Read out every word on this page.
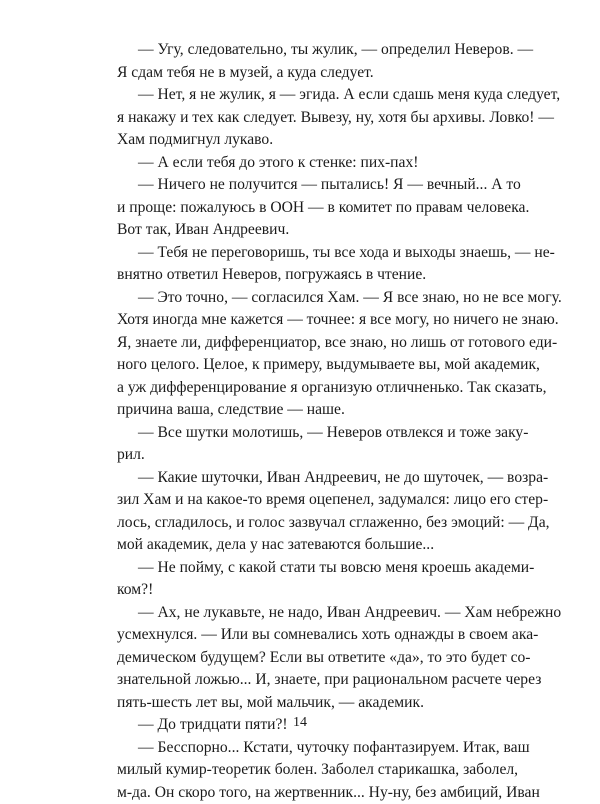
— Угу, следовательно, ты жулик, — определил Неверов. —
Я сдам тебя не в музей, а куда следует.
— Нет, я не жулик, я — эгида. А если сдашь меня куда следует,
я накажу и тех как следует. Вывезу, ну, хотя бы архивы. Ловко! —
Хам подмигнул лукаво.
— А если тебя до этого к стенке: пих-пах!
— Ничего не получится — пытались! Я — вечный... А то
и проще: пожалуюсь в ООН — в комитет по правам человека.
Вот так, Иван Андреевич.
— Тебя не переговоришь, ты все хода и выходы знаешь, — не-
внятно ответил Неверов, погружаясь в чтение.
— Это точно, — согласился Хам. — Я все знаю, но не все могу.
Хотя иногда мне кажется — точнее: я все могу, но ничего не знаю.
Я, знаете ли, дифференциатор, все знаю, но лишь от готового еди-
ного целого. Целое, к примеру, выдумываете вы, мой академик,
а уж дифференцирование я организую отличненько. Так сказать,
причина ваша, следствие — наше.
— Все шутки молотишь, — Неверов отвлекся и тоже заку-
рил.
— Какие шуточки, Иван Андреевич, не до шуточек, — возра-
зил Хам и на какое-то время оцепенел, задумался: лицо его стер-
лось, сгладилось, и голос зазвучал сглаженно, без эмоций: — Да,
мой академик, дела у нас затеваются большие...
— Не пойму, с какой стати ты вовсю меня кроешь академи-
ком?!
— Ах, не лукавьте, не надо, Иван Андреевич. — Хам небрежно
усмехнулся. — Или вы сомневались хоть однажды в своем ака-
демическом будущем? Если вы ответите «да», то это будет со-
знательной ложью... И, знаете, при рациональном расчете через
пять-шесть лет вы, мой мальчик, — академик.
— До тридцати пяти?!
— Бесспорно... Кстати, чуточку пофантазируем. Итак, ваш
милый кумир-теоретик болен. Заболел старикашка, заболел,
м-да. Он скоро того, на жертвенник... Ну-ну, без амбиций, Иван
14
